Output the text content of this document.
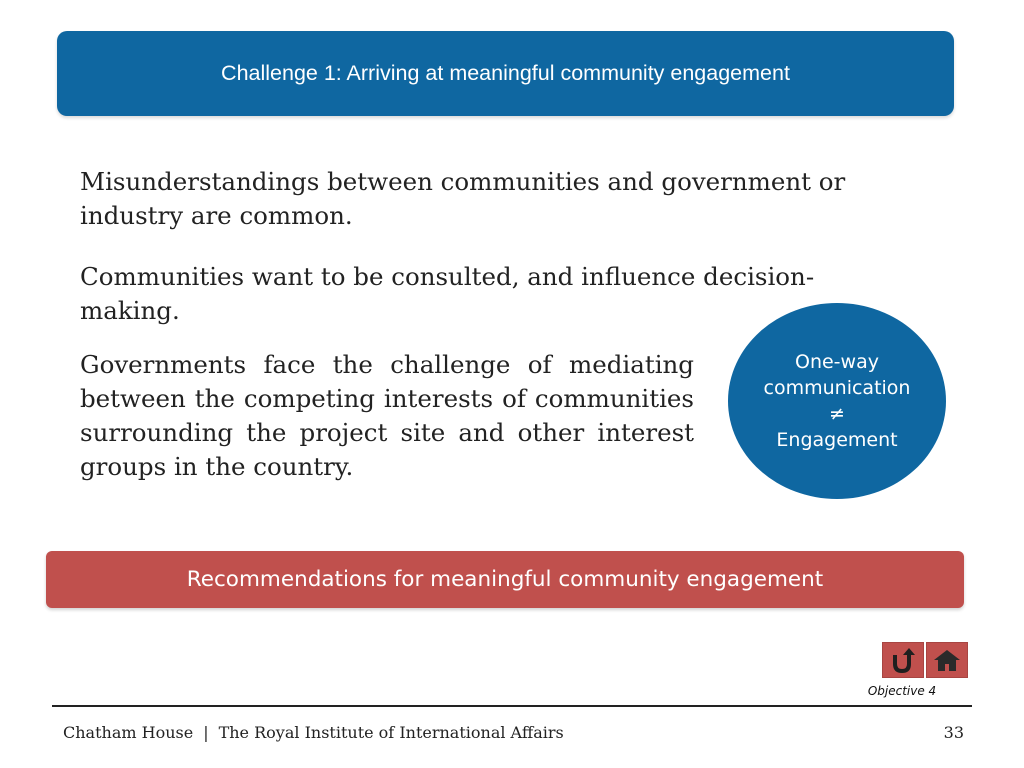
Challenge 1: Arriving at meaningful community engagement

Misunderstandings between communities and government or industry are common.

Communities want to be consulted, and influence decision-making.

Governments face the challenge of mediating between the competing interests of communities surrounding the project site and other interest groups in the country.

One-way
communication
≠
Engagement
Recommendations for meaningful community engagement
Objective 4
Chatham House | The Royal Institute of International Affairs	33
